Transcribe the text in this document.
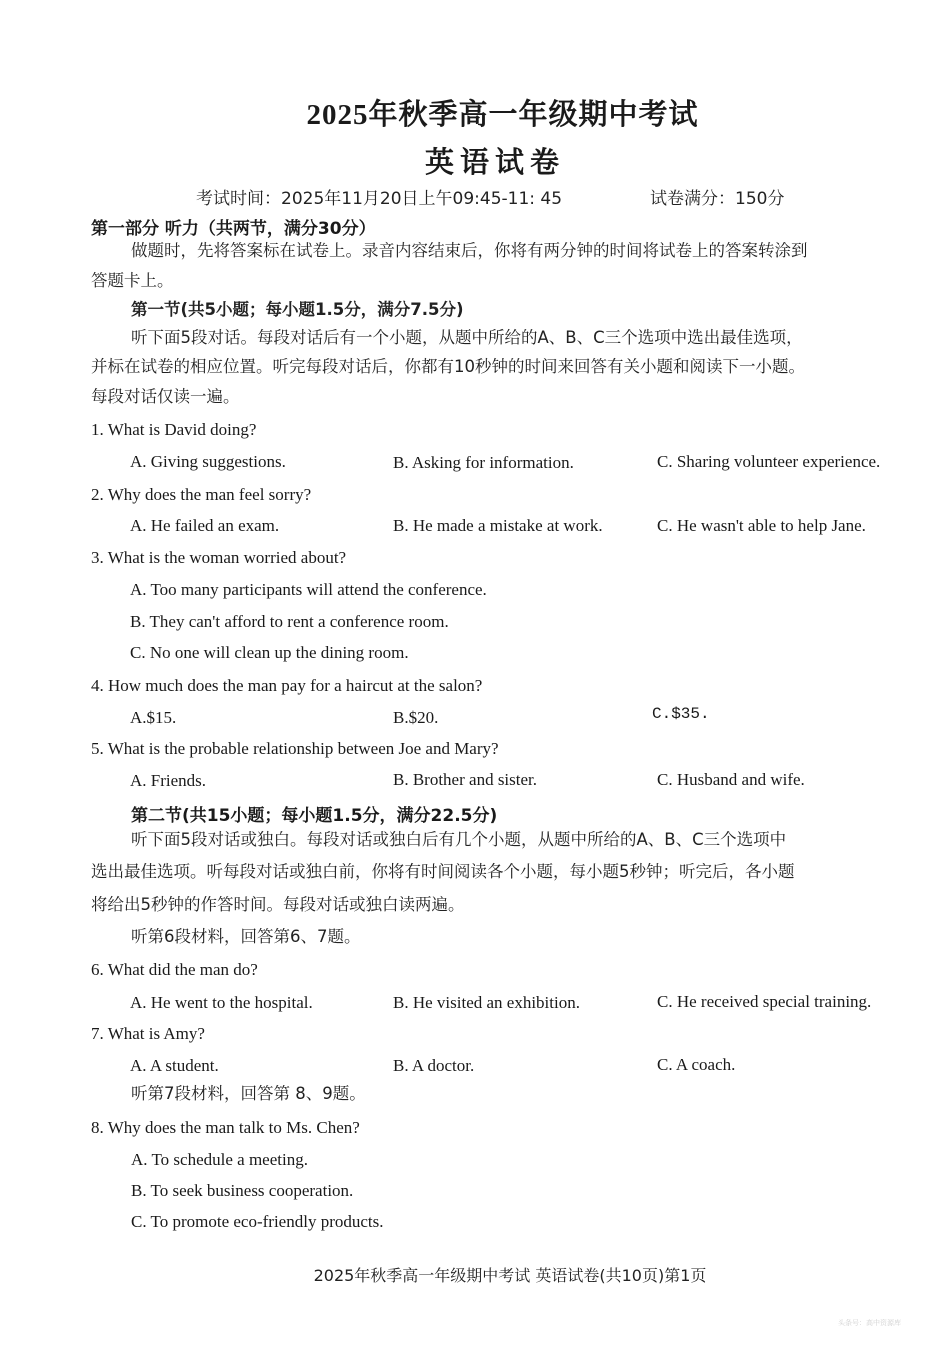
2025年秋季高一年级期中考试
英语试卷
考试时间：2025年11月20日上午09:45-11: 45	试卷满分：150分
第一部分 听力（共两节，满分30分）
做题时，先将答案标在试卷上。录音内容结束后，你将有两分钟的时间将试卷上的答案转涂到
答题卡上。
第一节(共5小题；每小题1.5分，满分7.5分)
听下面5段对话。每段对话后有一个小题，从题中所给的A、B、C三个选项中选出最佳选项，
并标在试卷的相应位置。听完每段对话后，你都有10秒钟的时间来回答有关小题和阅读下一小题。
每段对话仅读一遍。
1. What is David doing?
A. Giving suggestions.	B. Asking for information.	C. Sharing volunteer experience.
2. Why does the man feel sorry?
A. He failed an exam.	B. He made a mistake at work.	C. He wasn't able to help Jane.
3. What is the woman worried about?
A. Too many participants will attend the conference.
B. They can't afford to rent a conference room.
C. No one will clean up the dining room.
4. How much does the man pay for a haircut at the salon?
A.$15.	B.$20.	C.$35.
5. What is the probable relationship between Joe and Mary?
A. Friends.	B. Brother and sister.	C. Husband and wife.
第二节(共15小题；每小题1.5分，满分22.5分)
听下面5段对话或独白。每段对话或独白后有几个小题，从题中所给的A、B、C三个选项中
选出最佳选项。听每段对话或独白前，你将有时间阅读各个小题，每小题5秒钟；听完后，各小题
将给出5秒钟的作答时间。每段对话或独白读两遍。
听第6段材料，回答第6、7题。
6. What did the man do?
A. He went to the hospital.	B. He visited an exhibition.	C. He received special training.
7. What is Amy?
A. A student.	B. A doctor.	C. A coach.
听第7段材料，回答第 8、9题。
8. Why does the man talk to Ms. Chen?
A. To schedule a meeting.
B. To seek business cooperation.
C. To promote eco-friendly products.
2025年秋季高一年级期中考试 英语试卷(共10页)第1页
头条号：高中资源库
